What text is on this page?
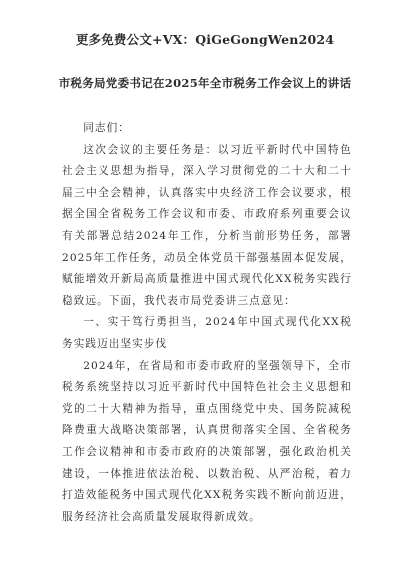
更多免费公文+VX：QiGeGongWen2024
市税务局党委书记在2025年全市税务工作会议上的讲话

同志们：

这次会议的主要任务是：以习近平新时代中国特色社会主义思想为指导，深入学习贯彻党的二十大和二十届三中全会精神，认真落实中央经济工作会议要求，根据全国全省税务工作会议和市委、市政府系列重要会议有关部署总结2024年工作，分析当前形势任务，部署2025年工作任务，动员全体党员干部强基固本促发展，赋能增效开新局高质量推进中国式现代化XX税务实践行稳致远。下面，我代表市局党委讲三点意见：

一、实干笃行勇担当，2024年中国式现代化XX税务实践迈出坚实步伐

2024年，在省局和市委市政府的坚强领导下，全市税务系统坚持以习近平新时代中国特色社会主义思想和党的二十大精神为指导，重点围绕党中央、国务院减税降费重大战略决策部署，认真贯彻落实全国、全省税务工作会议精神和市委市政府的决策部署，强化政治机关建设，一体推进依法治税、以数治税、从严治税，着力打造效能税务中国式现代化XX税务实践不断向前迈进，服务经济社会高质量发展取得新成效。
